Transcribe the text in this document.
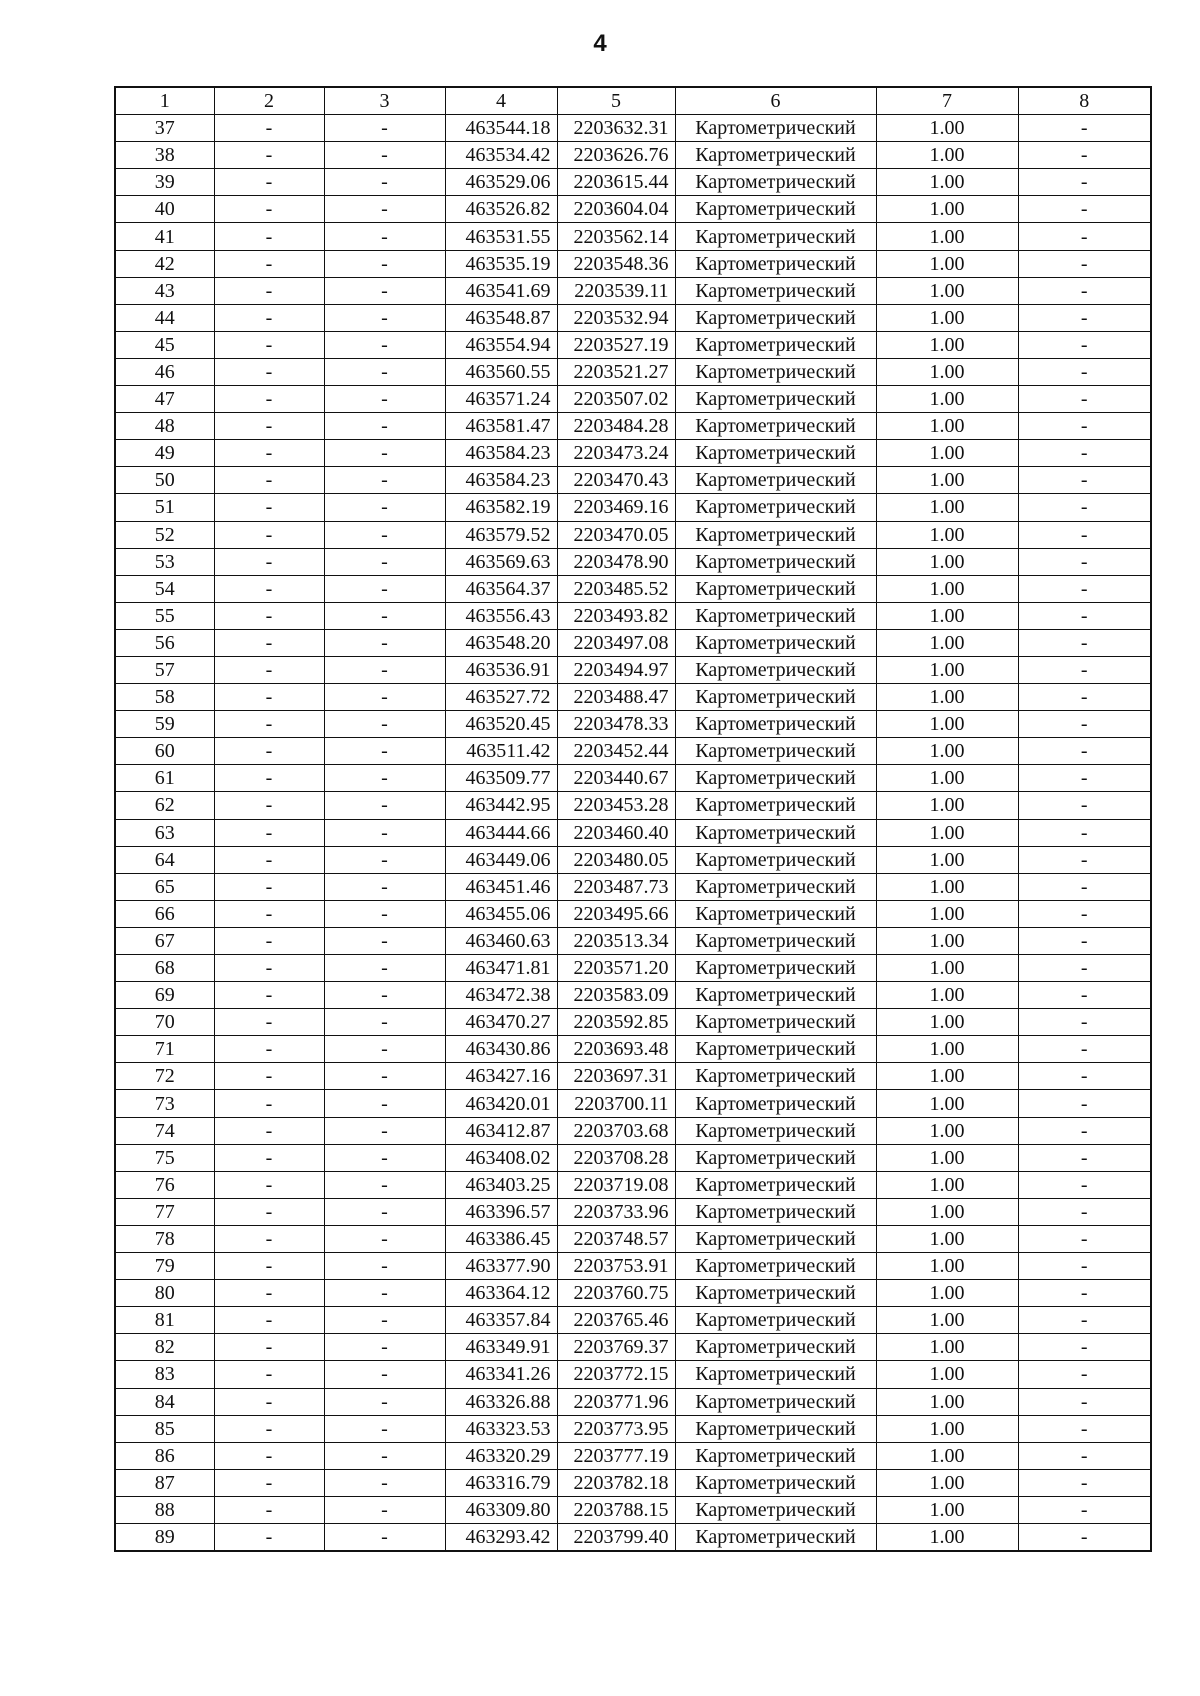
4
1	2	3	4	5	6	7	8
37	-	-	463544.18	2203632.31	Картометрический	1.00	-
38	-	-	463534.42	2203626.76	Картометрический	1.00	-
39	-	-	463529.06	2203615.44	Картометрический	1.00	-
40	-	-	463526.82	2203604.04	Картометрический	1.00	-
41	-	-	463531.55	2203562.14	Картометрический	1.00	-
42	-	-	463535.19	2203548.36	Картометрический	1.00	-
43	-	-	463541.69	2203539.11	Картометрический	1.00	-
44	-	-	463548.87	2203532.94	Картометрический	1.00	-
45	-	-	463554.94	2203527.19	Картометрический	1.00	-
46	-	-	463560.55	2203521.27	Картометрический	1.00	-
47	-	-	463571.24	2203507.02	Картометрический	1.00	-
48	-	-	463581.47	2203484.28	Картометрический	1.00	-
49	-	-	463584.23	2203473.24	Картометрический	1.00	-
50	-	-	463584.23	2203470.43	Картометрический	1.00	-
51	-	-	463582.19	2203469.16	Картометрический	1.00	-
52	-	-	463579.52	2203470.05	Картометрический	1.00	-
53	-	-	463569.63	2203478.90	Картометрический	1.00	-
54	-	-	463564.37	2203485.52	Картометрический	1.00	-
55	-	-	463556.43	2203493.82	Картометрический	1.00	-
56	-	-	463548.20	2203497.08	Картометрический	1.00	-
57	-	-	463536.91	2203494.97	Картометрический	1.00	-
58	-	-	463527.72	2203488.47	Картометрический	1.00	-
59	-	-	463520.45	2203478.33	Картометрический	1.00	-
60	-	-	463511.42	2203452.44	Картометрический	1.00	-
61	-	-	463509.77	2203440.67	Картометрический	1.00	-
62	-	-	463442.95	2203453.28	Картометрический	1.00	-
63	-	-	463444.66	2203460.40	Картометрический	1.00	-
64	-	-	463449.06	2203480.05	Картометрический	1.00	-
65	-	-	463451.46	2203487.73	Картометрический	1.00	-
66	-	-	463455.06	2203495.66	Картометрический	1.00	-
67	-	-	463460.63	2203513.34	Картометрический	1.00	-
68	-	-	463471.81	2203571.20	Картометрический	1.00	-
69	-	-	463472.38	2203583.09	Картометрический	1.00	-
70	-	-	463470.27	2203592.85	Картометрический	1.00	-
71	-	-	463430.86	2203693.48	Картометрический	1.00	-
72	-	-	463427.16	2203697.31	Картометрический	1.00	-
73	-	-	463420.01	2203700.11	Картометрический	1.00	-
74	-	-	463412.87	2203703.68	Картометрический	1.00	-
75	-	-	463408.02	2203708.28	Картометрический	1.00	-
76	-	-	463403.25	2203719.08	Картометрический	1.00	-
77	-	-	463396.57	2203733.96	Картометрический	1.00	-
78	-	-	463386.45	2203748.57	Картометрический	1.00	-
79	-	-	463377.90	2203753.91	Картометрический	1.00	-
80	-	-	463364.12	2203760.75	Картометрический	1.00	-
81	-	-	463357.84	2203765.46	Картометрический	1.00	-
82	-	-	463349.91	2203769.37	Картометрический	1.00	-
83	-	-	463341.26	2203772.15	Картометрический	1.00	-
84	-	-	463326.88	2203771.96	Картометрический	1.00	-
85	-	-	463323.53	2203773.95	Картометрический	1.00	-
86	-	-	463320.29	2203777.19	Картометрический	1.00	-
87	-	-	463316.79	2203782.18	Картометрический	1.00	-
88	-	-	463309.80	2203788.15	Картометрический	1.00	-
89	-	-	463293.42	2203799.40	Картометрический	1.00	-
